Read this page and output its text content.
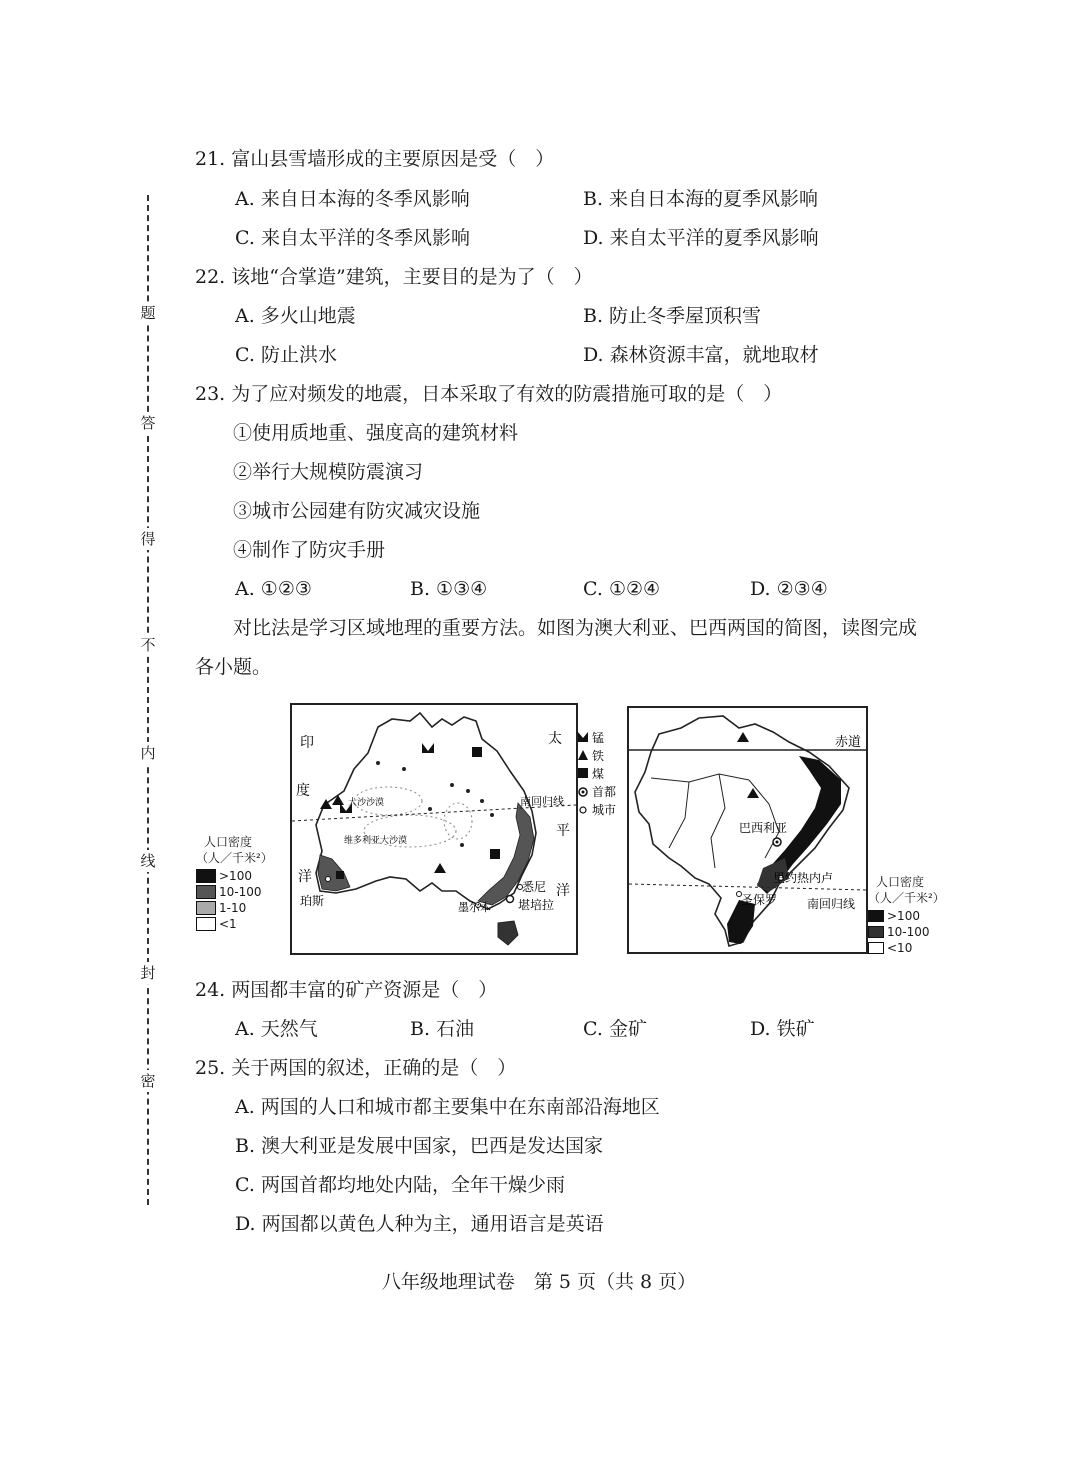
题
答
得
不
内
线
封
密
21. 富山县雪墙形成的主要原因是受（　）
A. 来自日本海的冬季风影响	B. 来自日本海的夏季风影响
C. 来自太平洋的冬季风影响	D. 来自太平洋的夏季风影响
22. 该地“合掌造”建筑，主要目的是为了（　）
A. 多火山地震	B. 防止冬季屋顶积雪
C. 防止洪水	D. 森林资源丰富，就地取材
23. 为了应对频发的地震，日本采取了有效的防震措施可取的是（　）
①使用质地重、强度高的建筑材料
②举行大规模防震演习
③城市公园建有防灾减灾设施
④制作了防灾手册
A. ①②③	B. ①③④	C. ①②④	D. ②③④
对比法是学习区域地理的重要方法。如图为澳大利亚、巴西两国的简图，读图完成
各小题。
印
度
洋
太
平
洋
南回归线
大沙沙漠
维多利亚大沙漠
珀斯
悉尼
墨尔本 堪培拉
锰
铁
煤
首都
城市
人口密度
（人／千米²）
>100
10-100
1-10
<1
赤道
巴西利亚
里约热内卢
圣保罗 南回归线
人口密度
（人／千米²）
>100
10-100
<10
24. 两国都丰富的矿产资源是（　）
A. 天然气	B. 石油	C. 金矿	D. 铁矿
25. 关于两国的叙述，正确的是（　）
A. 两国的人口和城市都主要集中在东南部沿海地区
B. 澳大利亚是发展中国家，巴西是发达国家
C. 两国首都均地处内陆，全年干燥少雨
D. 两国都以黄色人种为主，通用语言是英语
八年级地理试卷　第 5 页（共 8 页）
